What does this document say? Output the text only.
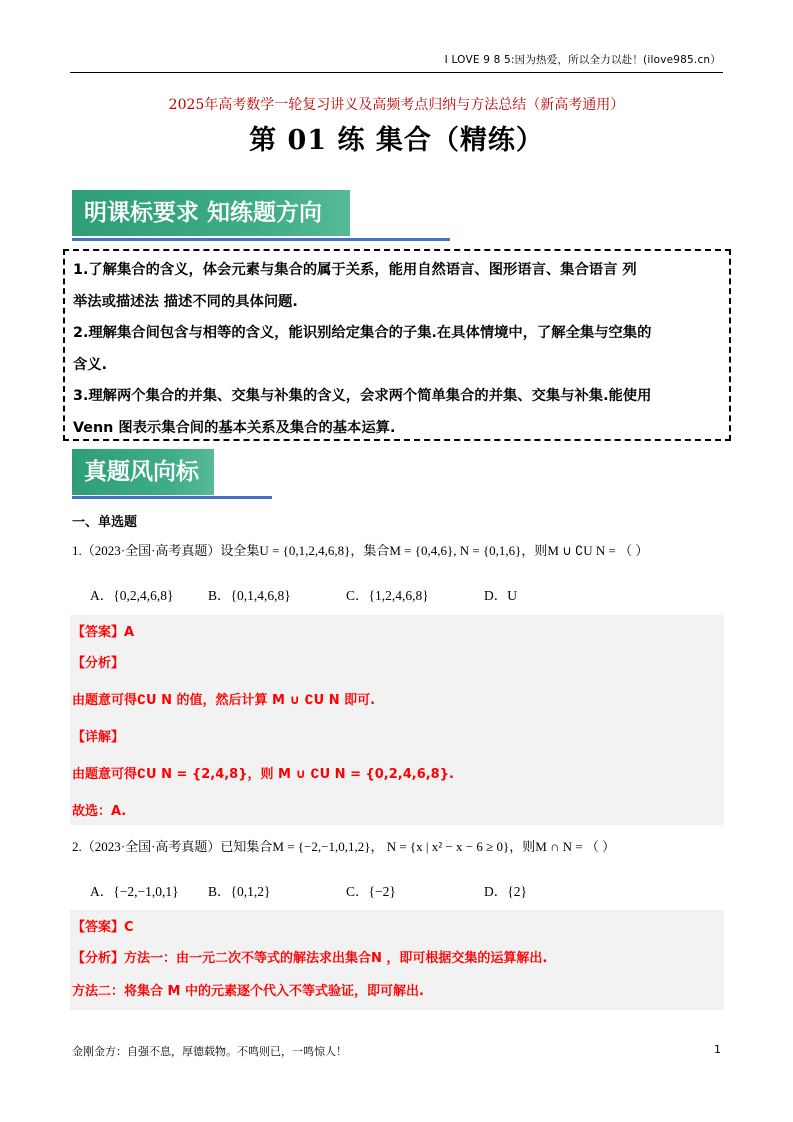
I LOVE 9 8 5:因为热爱，所以全力以赴！(ilove985.cn）
2025年高考数学一轮复习讲义及高频考点归纳与方法总结（新高考通用）
第 01 练 集合（精练）
明课标要求 知练题方向
1.了解集合的含义，体会元素与集合的属于关系，能用自然语言、图形语言、集合语言 列
举法或描述法 描述不同的具体问题.
2.理解集合间包含与相等的含义，能识别给定集合的子集.在具体情境中，了解全集与空集的
含义.
3.理解两个集合的并集、交集与补集的含义，会求两个简单集合的并集、交集与补集.能使用
Venn 图表示集合间的基本关系及集合的基本运算.
真题风向标
一、单选题
1.（2023·全国·高考真题）设全集U = {0,1,2,4,6,8}，集合M = {0,4,6}, N = {0,1,6}，则M ∪ ∁U N = （ ）
A．{0,2,4,6,8}	B．{0,1,4,6,8}	C．{1,2,4,6,8}	D．U
【答案】A
【分析】
由题意可得∁U N 的值，然后计算 M ∪ ∁U N 即可.
【详解】
由题意可得∁U N = {2,4,8}，则 M ∪ ∁U N = {0,2,4,6,8}.
故选：A.
2.（2023·全国·高考真题）已知集合M = {−2,−1,0,1,2}， N = {x | x² − x − 6 ≥ 0}，则M ∩ N = （ ）
A．{−2,−1,0,1} B．{0,1,2}	C．{−2}	D．{2}
【答案】C
【分析】方法一：由一元二次不等式的解法求出集合N ，即可根据交集的运算解出.
方法二：将集合 M 中的元素逐个代入不等式验证，即可解出.
金刚金方：自强不息，厚德载物。不鸣则已，一鸣惊人！	1
